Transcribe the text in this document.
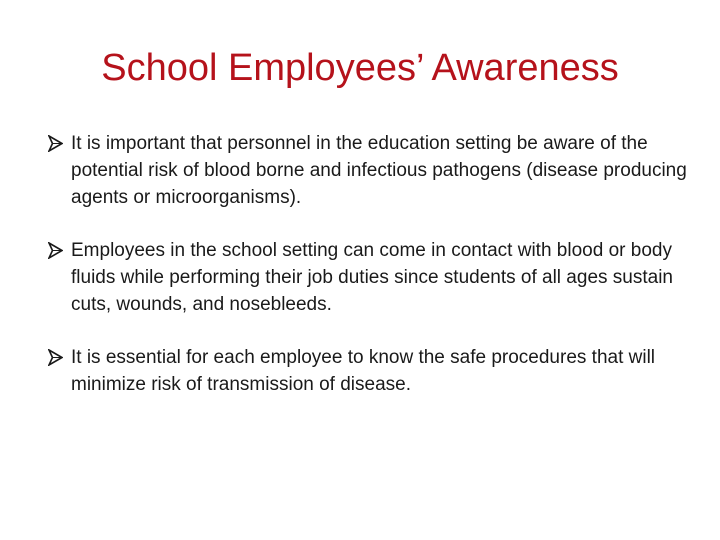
School Employees’ Awareness
It is important that personnel in the education setting be aware of the potential risk of blood borne and infectious pathogens (disease producing agents or microorganisms).
Employees in the school setting can come in contact with blood or body fluids while performing their job duties since students of all ages sustain cuts, wounds, and nosebleeds.
It is essential for each employee to know the safe procedures that will minimize risk of transmission of disease.
